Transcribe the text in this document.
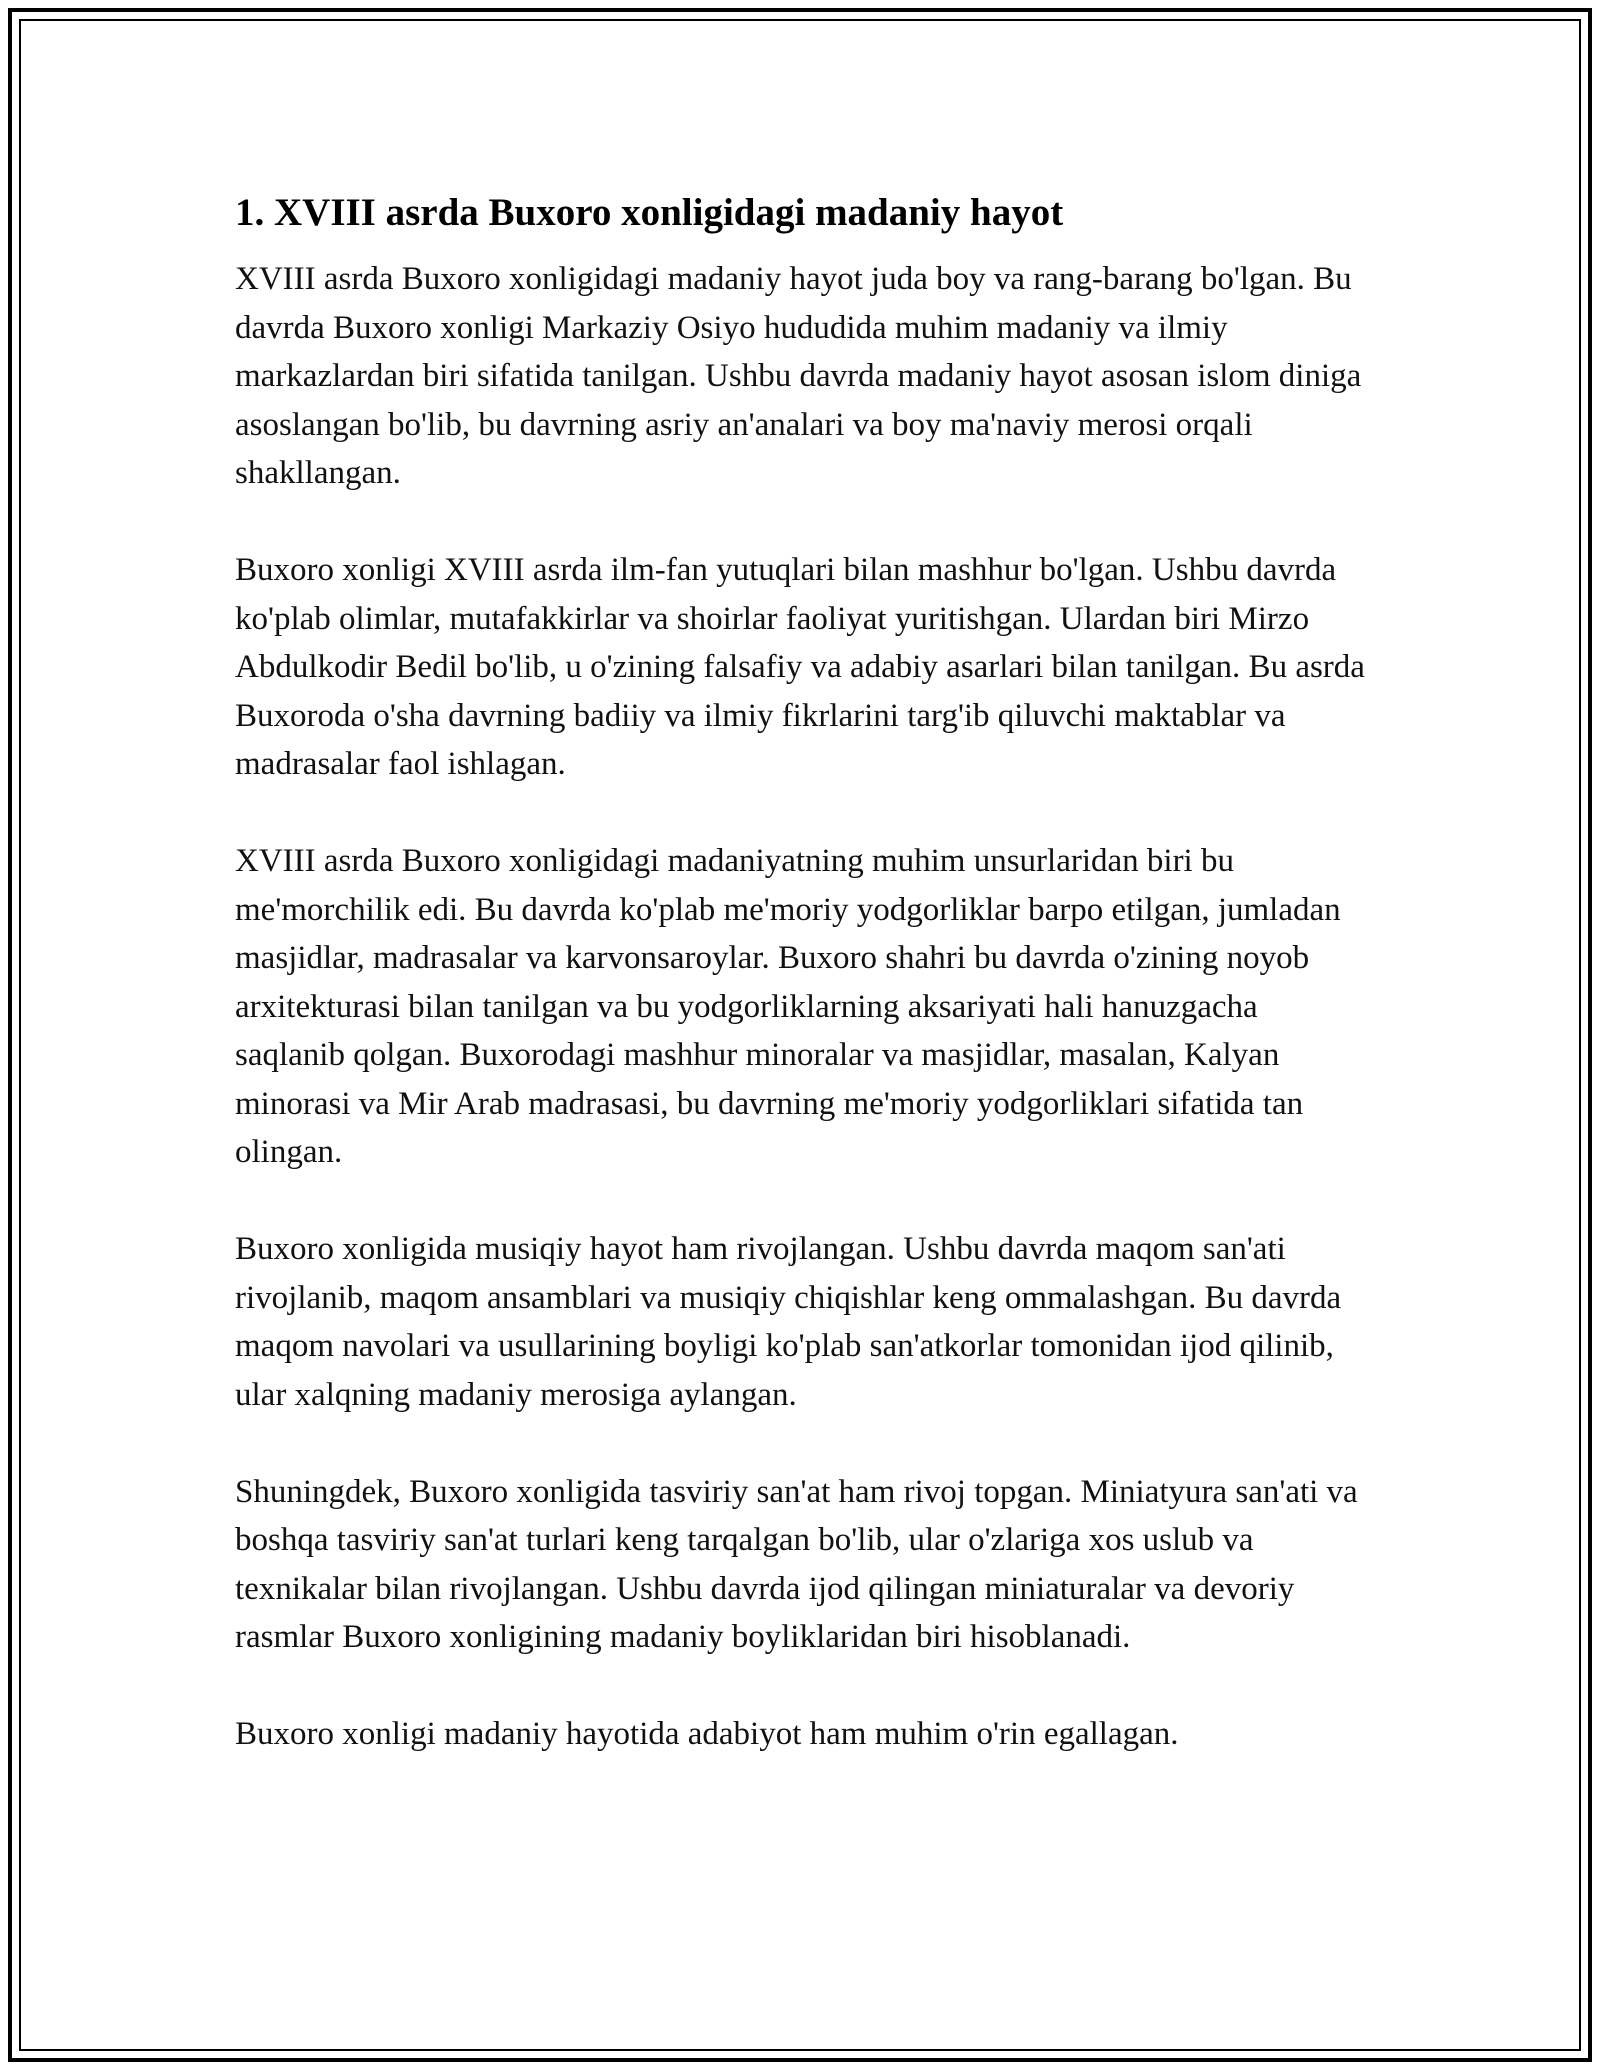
1. XVIII asrda Buxoro xonligidagi madaniy hayot

XVIII asrda Buxoro xonligidagi madaniy hayot juda boy va rang-barang bo'lgan. Bu davrda Buxoro xonligi Markaziy Osiyo hududida muhim madaniy va ilmiy markazlardan biri sifatida tanilgan. Ushbu davrda madaniy hayot asosan islom diniga asoslangan bo'lib, bu davrning asriy an'analari va boy ma'naviy merosi orqali shakllangan.

Buxoro xonligi XVIII asrda ilm-fan yutuqlari bilan mashhur bo'lgan. Ushbu davrda ko'plab olimlar, mutafakkirlar va shoirlar faoliyat yuritishgan. Ulardan biri Mirzo Abdulkodir Bedil bo'lib, u o'zining falsafiy va adabiy asarlari bilan tanilgan. Bu asrda Buxoroda o'sha davrning badiiy va ilmiy fikrlarini targ'ib qiluvchi maktablar va madrasalar faol ishlagan.

XVIII asrda Buxoro xonligidagi madaniyatning muhim unsurlaridan biri bu me'morchilik edi. Bu davrda ko'plab me'moriy yodgorliklar barpo etilgan, jumladan masjidlar, madrasalar va karvonsaroylar. Buxoro shahri bu davrda o'zining noyob arxitekturasi bilan tanilgan va bu yodgorliklarning aksariyati hali hanuzgacha saqlanib qolgan. Buxorodagi mashhur minoralar va masjidlar, masalan, Kalyan minorasi va Mir Arab madrasasi, bu davrning me'moriy yodgorliklari sifatida tan olingan.

Buxoro xonligida musiqiy hayot ham rivojlangan. Ushbu davrda maqom san'ati rivojlanib, maqom ansamblari va musiqiy chiqishlar keng ommalashgan. Bu davrda maqom navolari va usullarining boyligi ko'plab san'atkorlar tomonidan ijod qilinib, ular xalqning madaniy merosiga aylangan.

Shuningdek, Buxoro xonligida tasviriy san'at ham rivoj topgan. Miniatyura san'ati va boshqa tasviriy san'at turlari keng tarqalgan bo'lib, ular o'zlariga xos uslub va texnikalar bilan rivojlangan. Ushbu davrda ijod qilingan miniaturalar va devoriy rasmlar Buxoro xonligining madaniy boyliklaridan biri hisoblanadi.

Buxoro xonligi madaniy hayotida adabiyot ham muhim o'rin egallagan.
